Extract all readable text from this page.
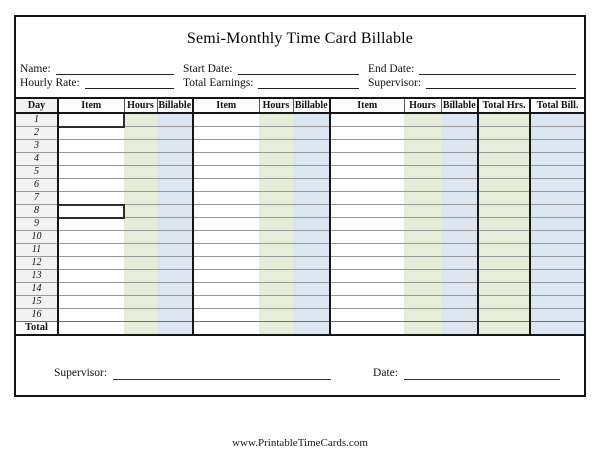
Semi-Monthly Time Card Billable
Name:	Start Date:	End Date:
Hourly Rate:	Total Earnings:	Supervisor:
Day	Item	Hours	Billable	Item	Hours	Billable	Item	Hours	Billable	Total Hrs.	Total Bill.
1											
2											
3											
4											
5											
6											
7											
8											
9											
10											
11											
12											
13											
14											
15											
16											
Total											
Supervisor:	Date:
www.PrintableTimeCards.com
